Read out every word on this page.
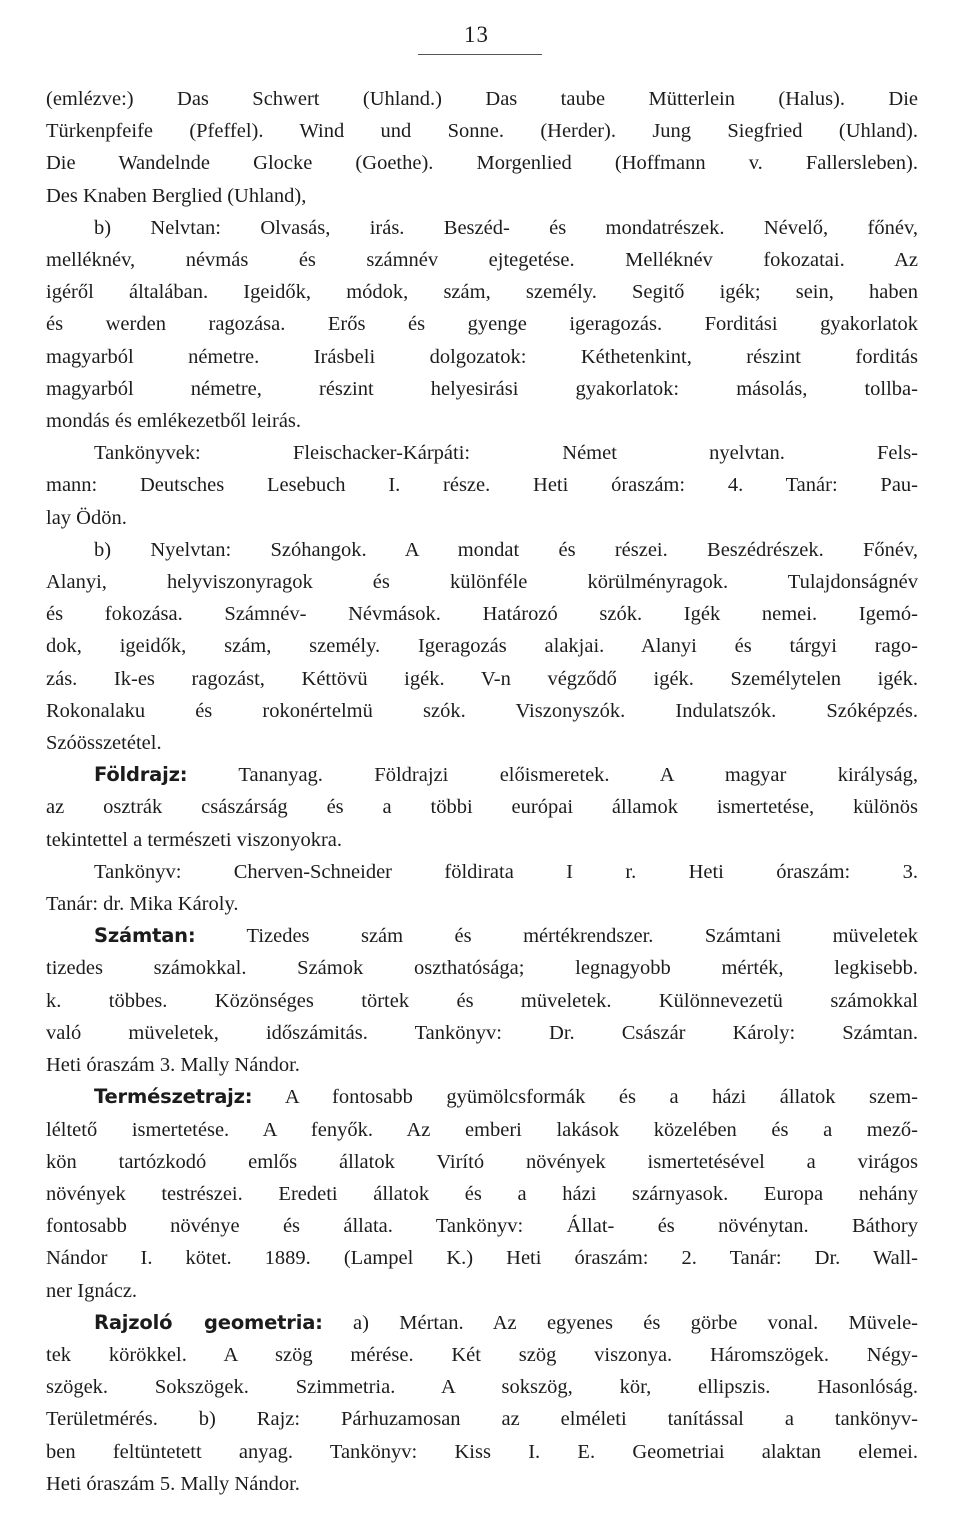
13

(emlézve:) Das Schwert (Uhland.) Das taube Mütterlein (Halus). Die
Türkenpfeife (Pfeffel). Wind und Sonne. (Herder). Jung Siegfried (Uhland).
Die Wandelnde Glocke (Goethe). Morgenlied (Hoffmann v. Fallersleben).
Des Knaben Berglied (Uhland),

b) Nelvtan: Olvasás, irás. Beszéd- és mondatrészek. Névelő, főnév,
melléknév, névmás és számnév ejtegetése. Melléknév fokozatai. Az
igéről általában. Igeidők, módok, szám, személy. Segitő igék; sein, haben
és werden ragozása. Erős és gyenge igeragozás. Forditási gyakorlatok
magyarból németre. Irásbeli dolgozatok: Kéthetenkint, részint forditás
magyarból németre, részint helyesirási gyakorlatok: másolás, tollba-
mondás és emlékezetből leirás.

Tankönyvek: Fleischacker-Kárpáti: Német nyelvtan. Fels-
mann: Deutsches Lesebuch I. része. Heti óraszám: 4. Tanár: Pau-
lay Ödön.

b) Nyelvtan: Szóhangok. A mondat és részei. Beszédrészek. Főnév,
Alanyi, helyviszonyragok és különféle körülményragok. Tulajdonságnév
és fokozása. Számnév- Névmások. Határozó szók. Igék nemei. Igemó-
dok, igeidők, szám, személy. Igeragozás alakjai. Alanyi és tárgyi rago-
zás. Ik-es ragozást, Kéttövü igék. V-n végződő igék. Személytelen igék.
Rokonalaku és rokonértelmü szók. Viszonyszók. Indulatszók. Szóképzés.
Szóösszetétel.

Földrajz: Tananyag. Földrajzi előismeretek. A magyar királyság,
az osztrák császárság és a többi európai államok ismertetése, különös
tekintettel a természeti viszonyokra.

Tankönyv: Cherven-Schneider földirata I r. Heti óraszám: 3.
Tanár: dr. Mika Károly.

Számtan: Tizedes szám és mértékrendszer. Számtani müveletek
tizedes számokkal. Számok oszthatósága; legnagyobb mérték, legkisebb.
k. többes. Közönséges törtek és müveletek. Különnevezetü számokkal
való müveletek, időszámitás. Tankönyv: Dr. Császár Károly: Számtan.
Heti óraszám 3. Mally Nándor.

Természetrajz: A fontosabb gyümölcsformák és a házi állatok szem-
léltető ismertetése. A fenyők. Az emberi lakások közelében és a mező-
kön tartózkodó emlős állatok Virító növények ismertetésével a virágos
növények testrészei. Eredeti állatok és a házi szárnyasok. Europa nehány
fontosabb növénye és állata. Tankönyv: Állat- és növénytan. Báthory
Nándor I. kötet. 1889. (Lampel K.) Heti óraszám: 2. Tanár: Dr. Wall-
ner Ignácz.

Rajzoló geometria: a) Mértan. Az egyenes és görbe vonal. Müvele-
tek körökkel. A szög mérése. Két szög viszonya. Háromszögek. Négy-
szögek. Sokszögek. Szimmetria. A sokszög, kör, ellipszis. Hasonlóság.
Területmérés. b) Rajz: Párhuzamosan az elméleti tanítással a tankönyv-
ben feltüntetett anyag. Tankönyv: Kiss I. E. Geometriai alaktan elemei.
Heti óraszám 5. Mally Nándor.
